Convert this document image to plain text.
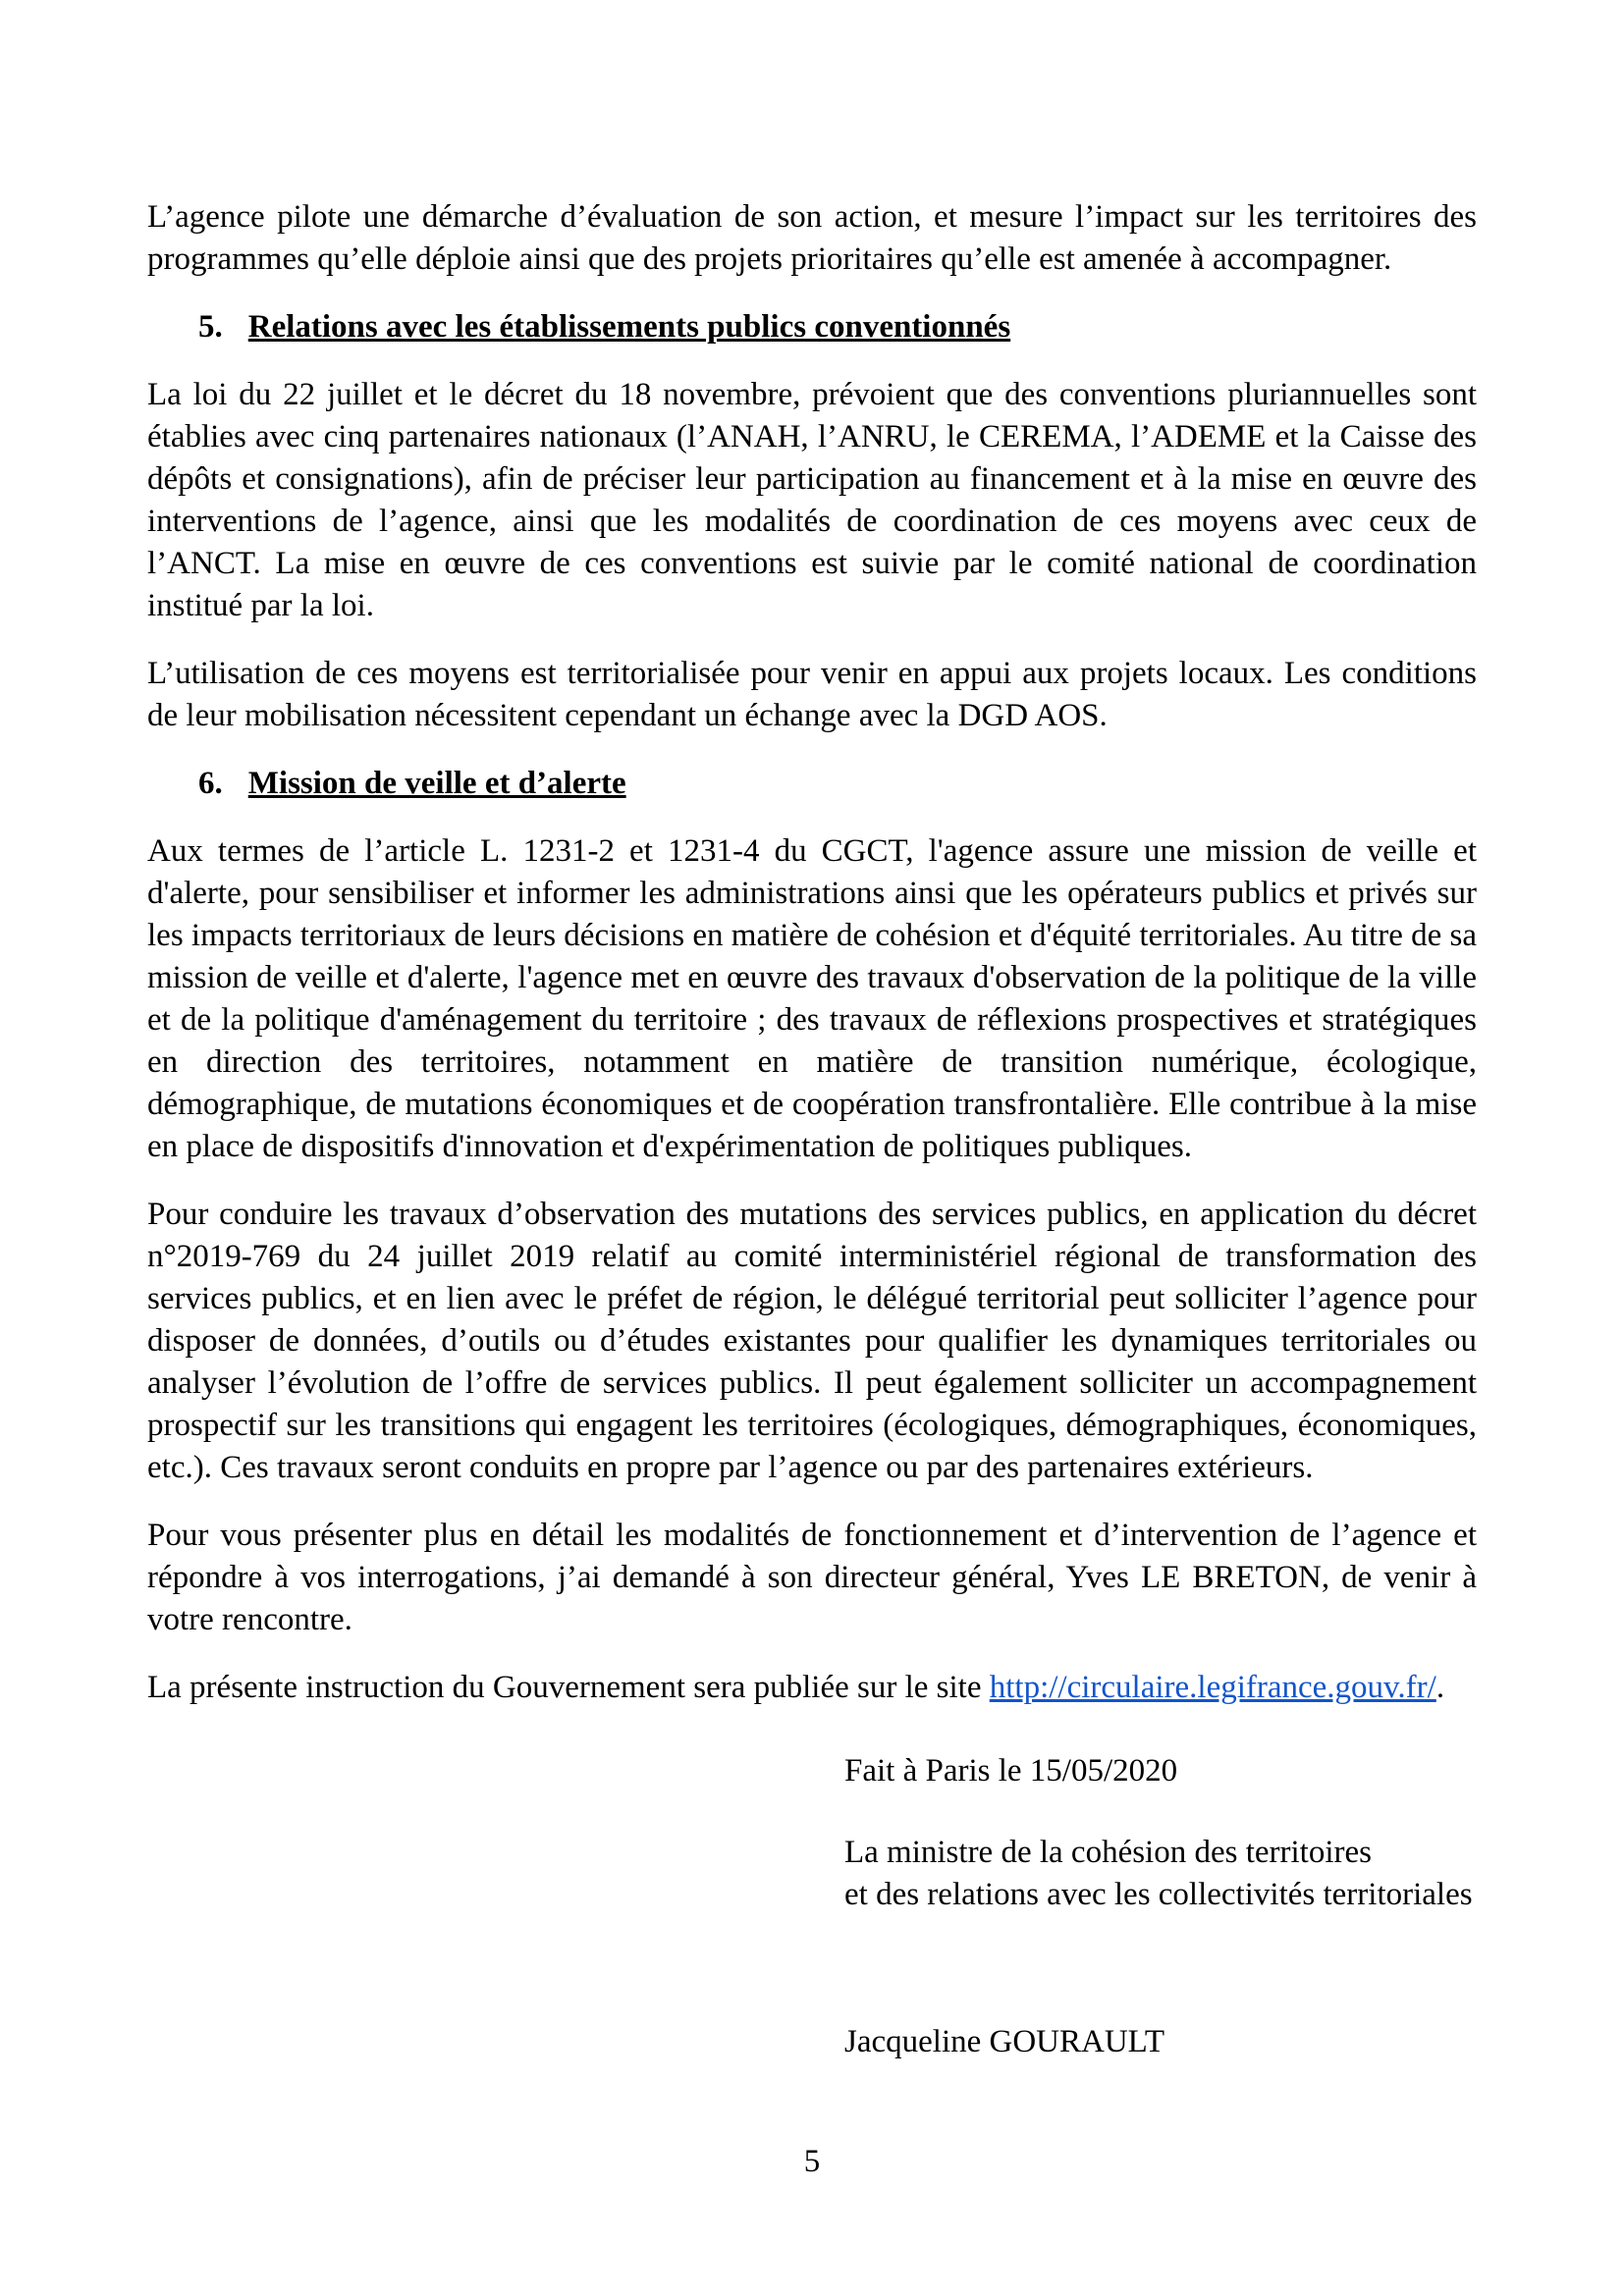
L’agence pilote une démarche d’évaluation de son action, et mesure l’impact sur les territoires des programmes qu’elle déploie ainsi que des projets prioritaires qu’elle est amenée à accompagner.

5. Relations avec les établissements publics conventionnés

La loi du 22 juillet et le décret du 18 novembre, prévoient que des conventions pluriannuelles sont établies avec cinq partenaires nationaux (l’ANAH, l’ANRU, le CEREMA, l’ADEME et la Caisse des dépôts et consignations), afin de préciser leur participation au financement et à la mise en œuvre des interventions de l’agence, ainsi que les modalités de coordination de ces moyens avec ceux de l’ANCT. La mise en œuvre de ces conventions est suivie par le comité national de coordination institué par la loi.

L’utilisation de ces moyens est territorialisée pour venir en appui aux projets locaux. Les conditions de leur mobilisation nécessitent cependant un échange avec la DGD AOS.

6. Mission de veille et d’alerte

Aux termes de l’article L. 1231-2 et 1231-4 du CGCT, l'agence assure une mission de veille et d'alerte, pour sensibiliser et informer les administrations ainsi que les opérateurs publics et privés sur les impacts territoriaux de leurs décisions en matière de cohésion et d'équité territoriales. Au titre de sa mission de veille et d'alerte, l'agence met en œuvre des travaux d'observation de la politique de la ville et de la politique d'aménagement du territoire ; des travaux de réflexions prospectives et stratégiques en direction des territoires, notamment en matière de transition numérique, écologique, démographique, de mutations économiques et de coopération transfrontalière. Elle contribue à la mise en place de dispositifs d'innovation et d'expérimentation de politiques publiques.

Pour conduire les travaux d’observation des mutations des services publics, en application du décret n°2019-769 du 24 juillet 2019 relatif au comité interministériel régional de transformation des services publics, et en lien avec le préfet de région, le délégué territorial peut solliciter l’agence pour disposer de données, d’outils ou d’études existantes pour qualifier les dynamiques territoriales ou analyser l’évolution de l’offre de services publics. Il peut également solliciter un accompagnement prospectif sur les transitions qui engagent les territoires (écologiques, démographiques, économiques, etc.). Ces travaux seront conduits en propre par l’agence ou par des partenaires extérieurs.

Pour vous présenter plus en détail les modalités de fonctionnement et d’intervention de l’agence et répondre à vos interrogations, j’ai demandé à son directeur général, Yves LE BRETON, de venir à votre rencontre.

La présente instruction du Gouvernement sera publiée sur le site http://circulaire.legifrance.gouv.fr/.

Fait à Paris le 15/05/2020

La ministre de la cohésion des territoires

et des relations avec les collectivités territoriales

Jacqueline GOURAULT

5
